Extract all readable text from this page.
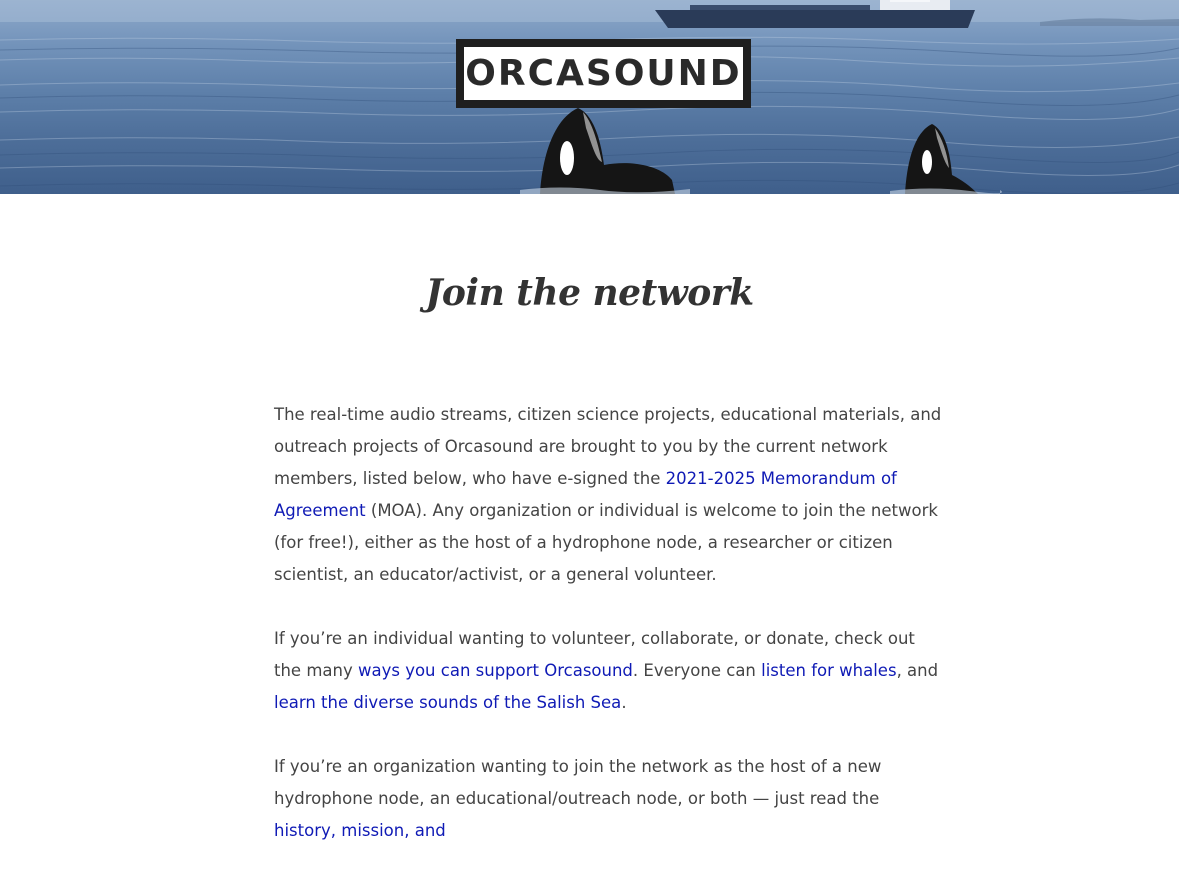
ORCASOUND
Join the network

The real-time audio streams, citizen science projects, educational materials, and outreach projects of Orcasound are brought to you by the current network members, listed below, who have e-signed the 2021-2025 Memorandum of Agreement (MOA). Any organization or individual is welcome to join the network (for free!), either as the host of a hydrophone node, a researcher or citizen scientist, an educator/activist, or a general volunteer.

If you’re an individual wanting to volunteer, collaborate, or donate, check out the many ways you can support Orcasound. Everyone can listen for whales, and learn the diverse sounds of the Salish Sea.

If you’re an organization wanting to join the network as the host of a new hydrophone node, an educational/outreach node, or both — just read the history, mission, and
